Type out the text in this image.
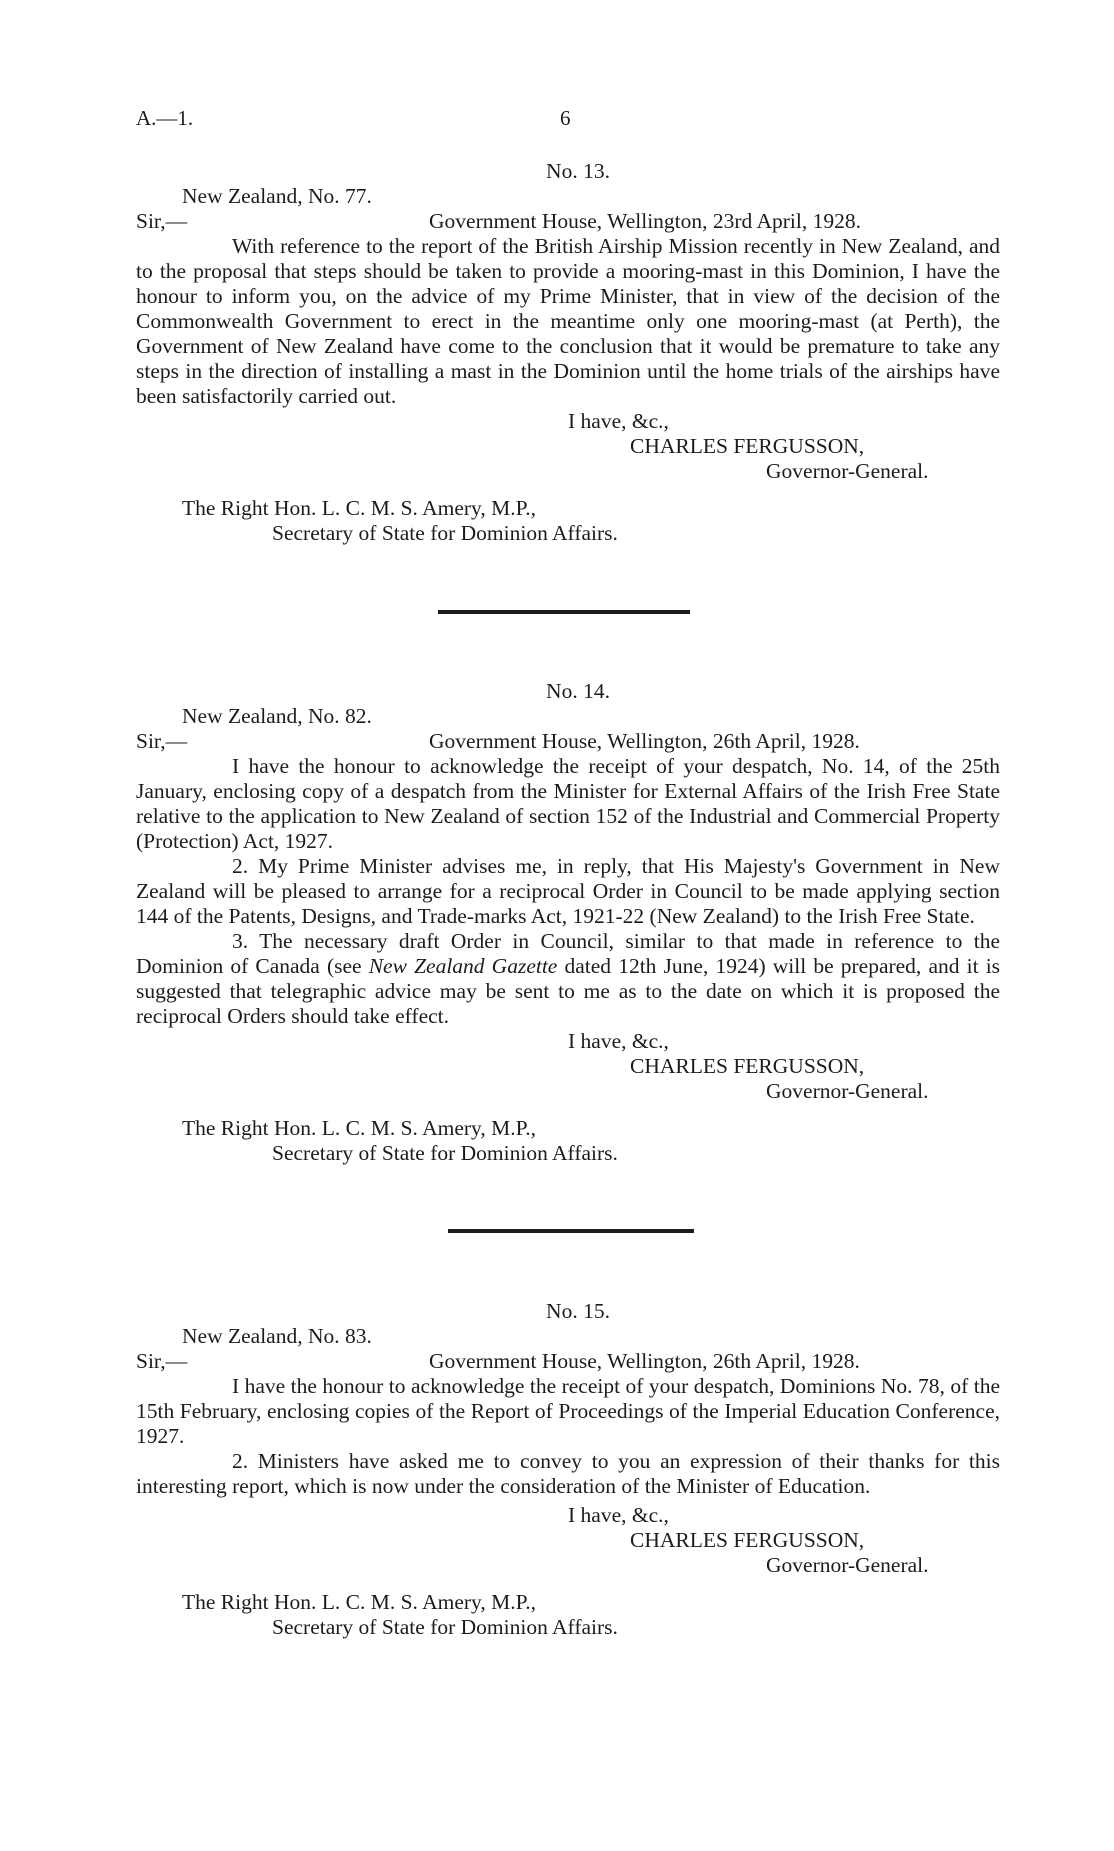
A.—1.	6
No. 13.
New Zealand, No. 77.
Sir,—	Government House, Wellington, 23rd April, 1928.

With reference to the report of the British Airship Mission recently in New Zealand, and to the proposal that steps should be taken to provide a mooring-mast in this Dominion, I have the honour to inform you, on the advice of my Prime Minister, that in view of the decision of the Commonwealth Government to erect in the meantime only one mooring-mast (at Perth), the Government of New Zealand have come to the conclusion that it would be premature to take any steps in the direction of installing a mast in the Dominion until the home trials of the airships have been satisfactorily carried out.

I have, &c.,
CHARLES FERGUSSON,
Governor-General.
The Right Hon. L. C. M. S. Amery, M.P.,
Secretary of State for Dominion Affairs.
No. 14.
New Zealand, No. 82.
Sir,—	Government House, Wellington, 26th April, 1928.

I have the honour to acknowledge the receipt of your despatch, No. 14, of the 25th January, enclosing copy of a despatch from the Minister for External Affairs of the Irish Free State relative to the application to New Zealand of section 152 of the Industrial and Commercial Property (Protection) Act, 1927.

2. My Prime Minister advises me, in reply, that His Majesty's Government in New Zealand will be pleased to arrange for a reciprocal Order in Council to be made applying section 144 of the Patents, Designs, and Trade-marks Act, 1921-22 (New Zealand) to the Irish Free State.

3. The necessary draft Order in Council, similar to that made in reference to the Dominion of Canada (see New Zealand Gazette dated 12th June, 1924) will be prepared, and it is suggested that telegraphic advice may be sent to me as to the date on which it is proposed the reciprocal Orders should take effect.

I have, &c.,
CHARLES FERGUSSON,
Governor-General.
The Right Hon. L. C. M. S. Amery, M.P.,
Secretary of State for Dominion Affairs.
No. 15.
New Zealand, No. 83.
Sir,—	Government House, Wellington, 26th April, 1928.

I have the honour to acknowledge the receipt of your despatch, Dominions No. 78, of the 15th February, enclosing copies of the Report of Proceedings of the Imperial Education Conference, 1927.

2. Ministers have asked me to convey to you an expression of their thanks for this interesting report, which is now under the consideration of the Minister of Education.

I have, &c.,
CHARLES FERGUSSON,
Governor-General.
The Right Hon. L. C. M. S. Amery, M.P.,
Secretary of State for Dominion Affairs.
